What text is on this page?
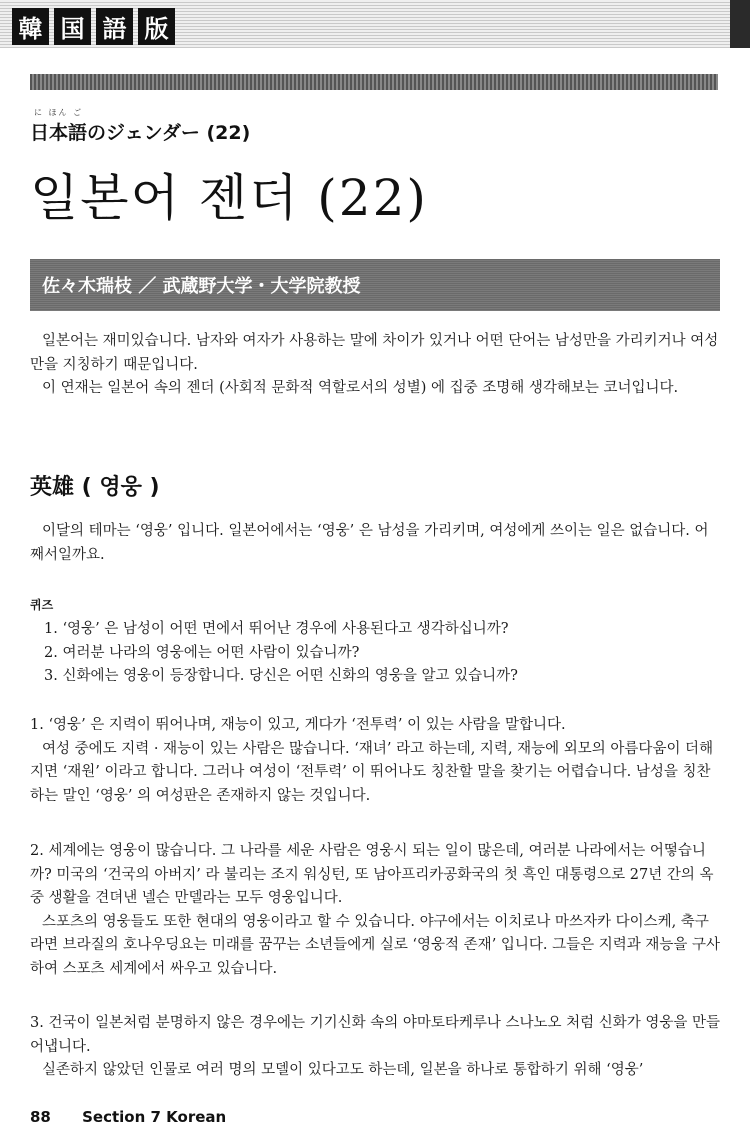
韓 国 語 版
に ほん ご
日本語のジェンダー (22)
일본어 젠더 (22)
佐々木瑞枝 ／ 武蔵野大学・大学院教授

일본어는 재미있습니다. 남자와 여자가 사용하는 말에 차이가 있거나 어떤 단어는 남성만을 가리키거나 여성만을 지칭하기 때문입니다.

이 연재는 일본어 속의 젠더 (사회적 문화적 역할로서의 성별) 에 집중 조명해 생각해보는 코너입니다.

英雄 ( 영웅 )

이달의 테마는 ‘영웅’ 입니다. 일본어에서는 ‘영웅’ 은 남성을 가리키며, 여성에게 쓰이는 일은 없습니다. 어째서일까요.

퀴즈
1. ‘영웅’ 은 남성이 어떤 면에서 뛰어난 경우에 사용된다고 생각하십니까?
2. 여러분 나라의 영웅에는 어떤 사람이 있습니까?
3. 신화에는 영웅이 등장합니다. 당신은 어떤 신화의 영웅을 알고 있습니까?

1. ‘영웅’ 은 지력이 뛰어나며, 재능이 있고, 게다가 ‘전투력’ 이 있는 사람을 말합니다.

여성 중에도 지력 · 재능이 있는 사람은 많습니다. ‘재녀’ 라고 하는데, 지력, 재능에 외모의 아름다움이 더해지면 ‘재원’ 이라고 합니다. 그러나 여성이 ‘전투력’ 이 뛰어나도 칭찬할 말을 찾기는 어렵습니다. 남성을 칭찬하는 말인 ‘영웅’ 의 여성판은 존재하지 않는 것입니다.

2. 세계에는 영웅이 많습니다. 그 나라를 세운 사람은 영웅시 되는 일이 많은데, 여러분 나라에서는 어떻습니까? 미국의 ‘건국의 아버지’ 라 불리는 조지 워싱턴, 또 남아프리카공화국의 첫 흑인 대통령으로 27년 간의 옥중 생활을 견뎌낸 넬슨 만델라는 모두 영웅입니다.

스포츠의 영웅들도 또한 현대의 영웅이라고 할 수 있습니다. 야구에서는 이치로나 마쓰자카 다이스케, 축구라면 브라질의 호나우딩요는 미래를 꿈꾸는 소년들에게 실로 ‘영웅적 존재’ 입니다. 그들은 지력과 재능을 구사하여 스포츠 세계에서 싸우고 있습니다.

3. 건국이 일본처럼 분명하지 않은 경우에는 기기신화 속의 야마토타케루나 스나노오 처럼 신화가 영웅을 만들어냅니다.

실존하지 않았던 인물로 여러 명의 모델이 있다고도 하는데, 일본을 하나로 통합하기 위해 ‘영웅’

88 Section 7 Korean
